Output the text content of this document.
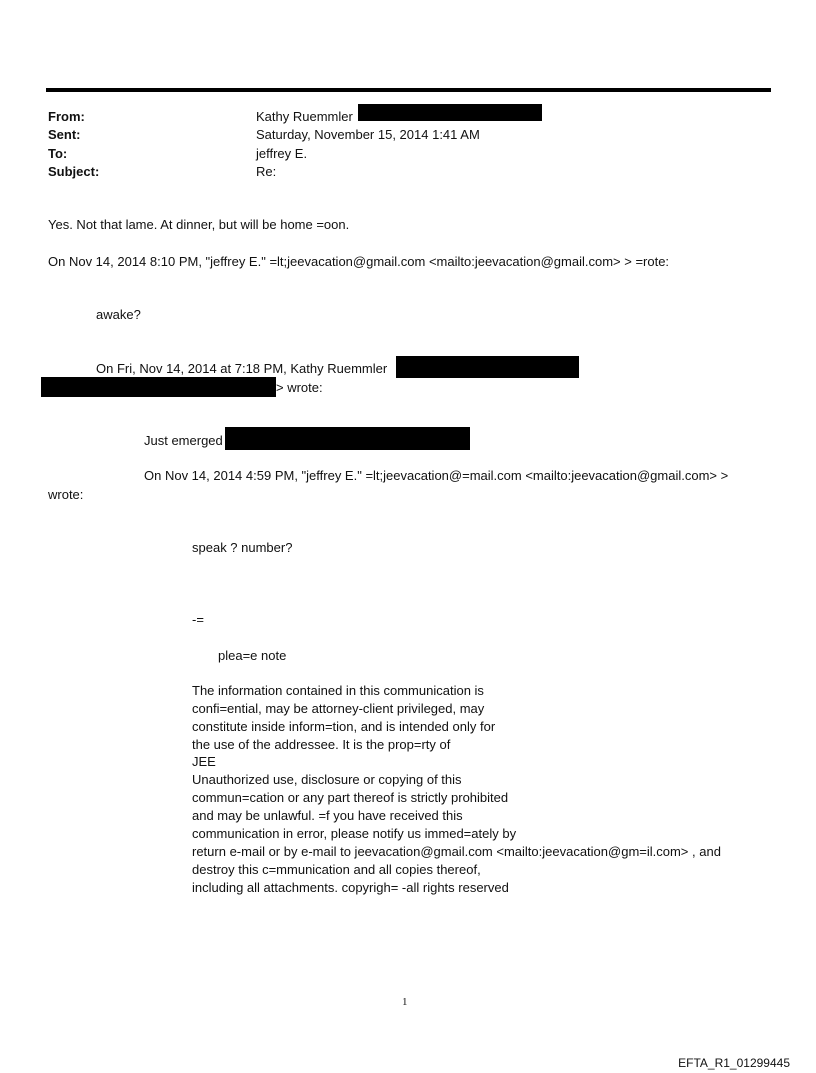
From:	Kathy Ruemmler
Sent:	Saturday, November 15, 2014 1:41 AM
To:	jeffrey E.
Subject:	Re:
Yes. Not that lame. At dinner, but will be home =oon.
On Nov 14, 2014 8:10 PM, "jeffrey E." =lt;jeevacation@gmail.com <mailto:jeevacation@gmail.com> > =rote:
awake?
On Fri, Nov 14, 2014 at 7:18 PM, Kathy Ruemmler
> wrote:
Just emerged
On Nov 14, 2014 4:59 PM, "jeffrey E." =lt;jeevacation@=mail.com <mailto:jeevacation@gmail.com> >
wrote:
speak ? number?
-=
plea=e note
The information contained in this communication is
confi=ential, may be attorney-client privileged, may
constitute inside inform=tion, and is intended only for
the use of the addressee. It is the prop=rty of
JEE
Unauthorized use, disclosure or copying of this
commun=cation or any part thereof is strictly prohibited
and may be unlawful. =f you have received this
communication in error, please notify us immed=ately by
return e-mail or by e-mail to jeevacation@gmail.com <mailto:jeevacation@gm=il.com> , and
destroy this c=mmunication and all copies thereof,
including all attachments. copyrigh= -all rights reserved
1
EFTA_R1_01299445
